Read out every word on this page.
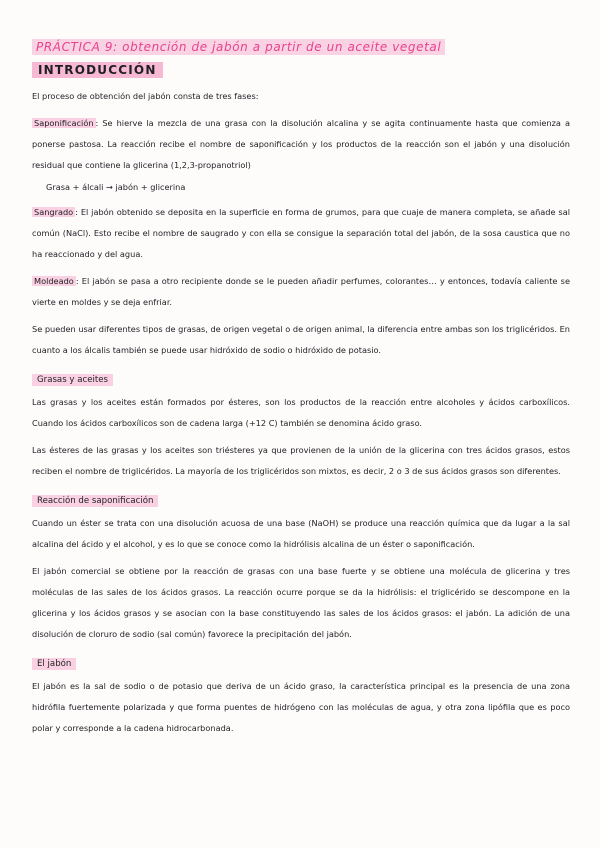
PRÁCTICA 9: obtención de jabón a partir de un aceite vegetal
INTRODUCCIÓN

El proceso de obtención del jabón consta de tres fases:

Saponificación : Se hierve la mezcla de una grasa con la disolución alcalina y se agita continuamente hasta que comienza a ponerse pastosa. La reacción recibe el nombre de saponificación y los productos de la reacción son el jabón y una disolución residual que contiene la glicerina (1,2,3-propanotriol)

Grasa + álcali → jabón + glicerina

Sangrado : El jabón obtenido se deposita en la superficie en forma de grumos, para que cuaje de manera completa, se añade sal común (NaCl). Esto recibe el nombre de saugrado y con ella se consigue la separación total del jabón, de la sosa caustica que no ha reaccionado y del agua.

Moldeado : El jabón se pasa a otro recipiente donde se le pueden añadir perfumes, colorantes… y entonces, todavía caliente se vierte en moldes y se deja enfriar.

Se pueden usar diferentes tipos de grasas, de origen vegetal o de origen animal, la diferencia entre ambas son los triglicéridos. En cuanto a los álcalis también se puede usar hidróxido de sodio o hidróxido de potasio.

Grasas y aceites

Las grasas y los aceites están formados por ésteres, son los productos de la reacción entre alcoholes y ácidos carboxílicos. Cuando los ácidos carboxílicos son de cadena larga (+12 C) también se denomina ácido graso.

Las ésteres de las grasas y los aceites son triésteres ya que provienen de la unión de la glicerina con tres ácidos grasos, estos reciben el nombre de triglicéridos. La mayoría de los triglicéridos son mixtos, es decir, 2 o 3 de sus ácidos grasos son diferentes.

Reacción de saponificación

Cuando un éster se trata con una disolución acuosa de una base (NaOH) se produce una reacción química que da lugar a la sal alcalina del ácido y el alcohol, y es lo que se conoce como la hidrólisis alcalina de un éster o saponificación.

El jabón comercial se obtiene por la reacción de grasas con una base fuerte y se obtiene una molécula de glicerina y tres moléculas de las sales de los ácidos grasos. La reacción ocurre porque se da la hidrólisis: el triglicérido se descompone en la glicerina y los ácidos grasos y se asocian con la base constituyendo las sales de los ácidos grasos: el jabón. La adición de una disolución de cloruro de sodio (sal común) favorece la precipitación del jabón.

El jabón

El jabón es la sal de sodio o de potasio que deriva de un ácido graso, la característica principal es la presencia de una zona hidrófila fuertemente polarizada y que forma puentes de hidrógeno con las moléculas de agua, y otra zona lipófila que es poco polar y corresponde a la cadena hidrocarbonada.
